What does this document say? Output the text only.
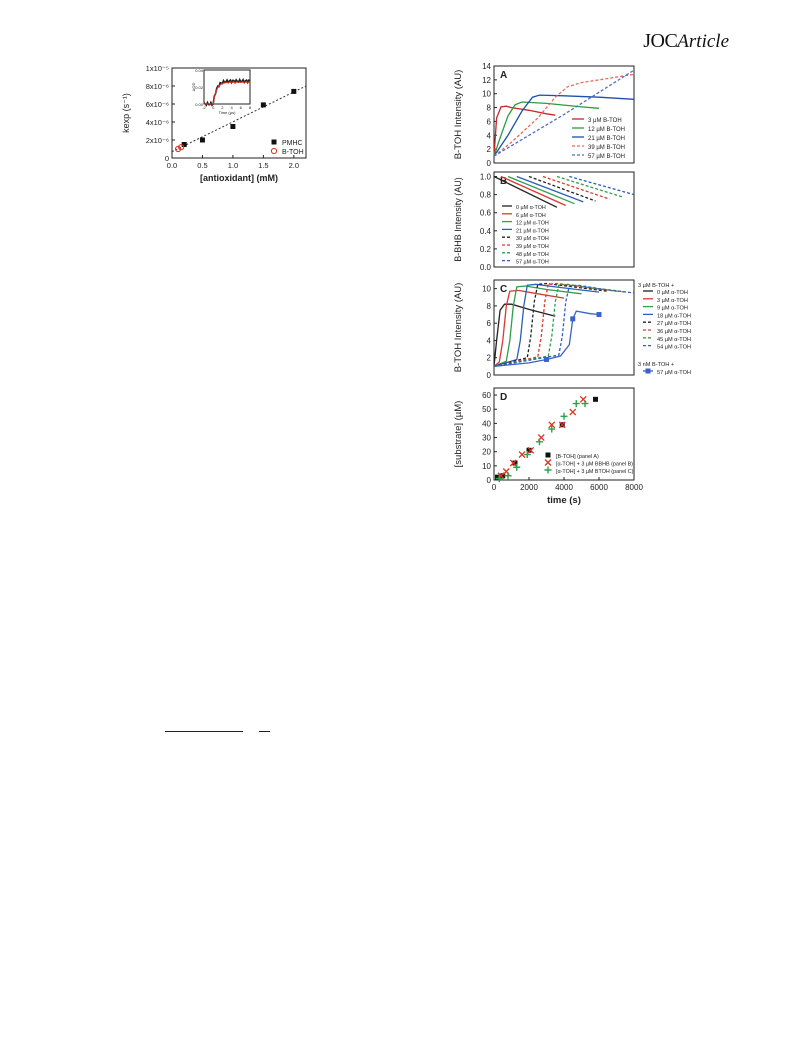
JOCArticle
0
2x10⁻⁶
4x10⁻⁶
6x10⁻⁶
8x10⁻⁶
1x10⁻⁵
0.0	0.5	1.0	1.5	2.0
[antioxidant] (mM)
kexp (s⁻¹)
PMHC
B-TOH
0.00
0.02
0.04
-2 0 2 4 6 8
Time (µs)
ΔOD
0
2
4
6
8
10
12
14
B-TOH Intensity (AU)	A
3 µM B-TOH
12 µM B-TOH
21 µM B-TOH
39 µM B-TOH
57 µM B-TOH
0.0
0.2
0.4
0.6
0.8
1.0
B-BHB Intensity (AU)	B
0 µM α-TOH
6 µM α-TOH
12 µM α-TOH
21 µM α-TOH
30 µM α-TOH
39 µM α-TOH
48 µM α-TOH
57 µM α-TOH
0
2
4
6
8
10
B-TOH Intensity (AU)	C	3 µM B-TOH +
0 µM α-TOH
3 µM α-TOH
9 µM α-TOH
18 µM α-TOH
27 µM α-TOH
36 µM α-TOH
45 µM α-TOH
54 µM α-TOH
3 nM B-TOH +
57 µM α-TOH
0
10
20
30
40
50
60
0	2000 4000 6000 8000
time (s)
[substrate] (µM)
D
[B-TOH] (panel A)
[α-TOH] + 3 µM BBHB (panel B)
[α-TOH] + 3 µM BTOH (panel C)
